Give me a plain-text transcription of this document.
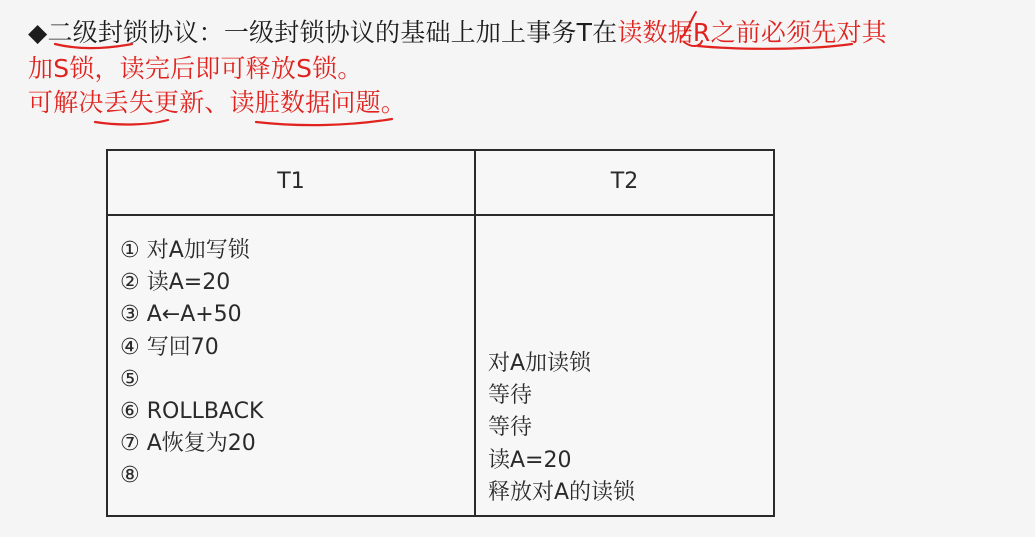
◆二级封锁协议：一级封锁协议的基础上加上事务T在读数据R之前必须先对其
加S锁，读完后即可释放S锁。
可解决丢失更新、读脏数据问题。
T1	T2
① 对A加写锁
② 读A=20
③ A←A+50
④ 写回70
⑤
⑥ ROLLBACK
⑦ A恢复为20
⑧
对A加读锁
等待
等待
读A=20
释放对A的读锁
